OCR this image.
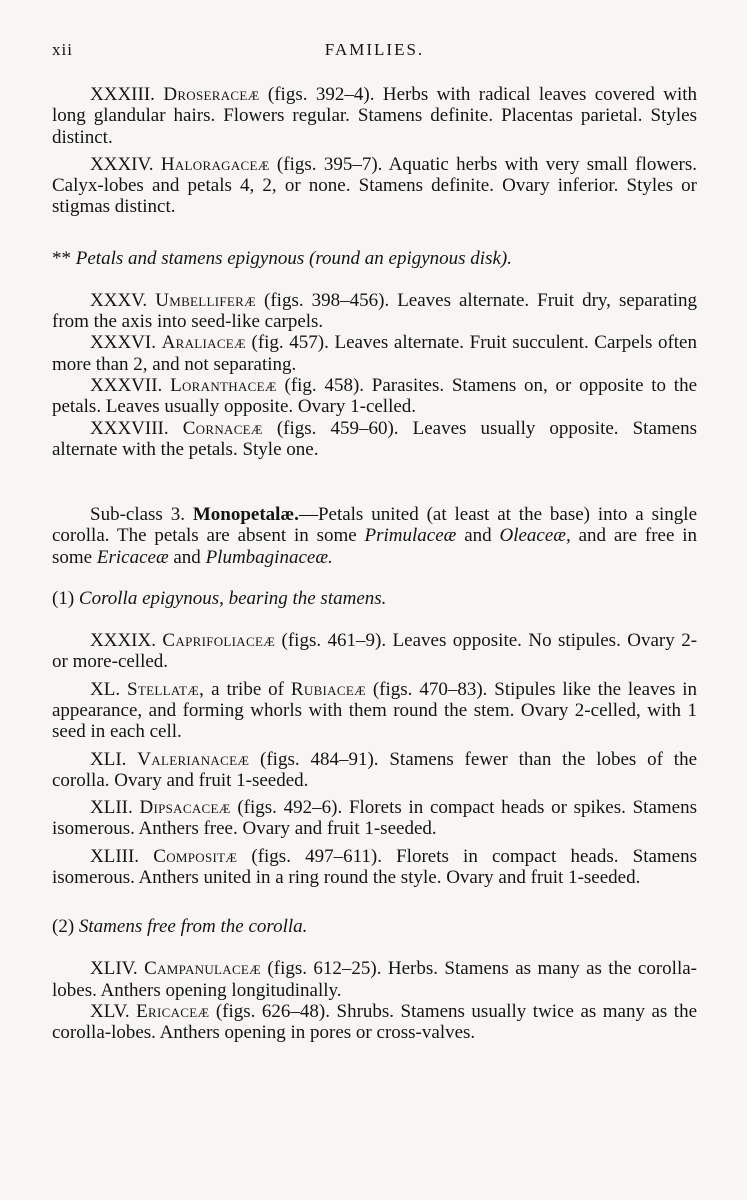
xii	FAMILIES.

XXXIII. Droseraceæ (figs. 392–4). Herbs with radical leaves covered with long glandular hairs. Flowers regular. Stamens definite. Placentas parietal. Styles distinct.

XXXIV. Haloragaceæ (figs. 395–7). Aquatic herbs with very small flowers. Calyx-lobes and petals 4, 2, or none. Stamens definite. Ovary inferior. Styles or stigmas distinct.

** Petals and stamens epigynous (round an epigynous disk).

XXXV. Umbelliferæ (figs. 398–456). Leaves alternate. Fruit dry, separating from the axis into seed-like carpels.

XXXVI. Araliaceæ (fig. 457). Leaves alternate. Fruit succulent. Carpels often more than 2, and not separating.

XXXVII. Loranthaceæ (fig. 458). Parasites. Stamens on, or opposite to the petals. Leaves usually opposite. Ovary 1-celled.

XXXVIII. Cornaceæ (figs. 459–60). Leaves usually opposite. Stamens alternate with the petals. Style one.

Sub-class 3. Monopetalæ.—Petals united (at least at the base) into a single corolla. The petals are absent in some Primulaceæ and Oleaceæ, and are free in some Ericaceæ and Plumbaginaceæ.

(1) Corolla epigynous, bearing the stamens.

XXXIX. Caprifoliaceæ (figs. 461–9). Leaves opposite. No stipules. Ovary 2- or more-celled.

XL. Stellatæ, a tribe of Rubiaceæ (figs. 470–83). Stipules like the leaves in appearance, and forming whorls with them round the stem. Ovary 2-celled, with 1 seed in each cell.

XLI. Valerianaceæ (figs. 484–91). Stamens fewer than the lobes of the corolla. Ovary and fruit 1-seeded.

XLII. Dipsacaceæ (figs. 492–6). Florets in compact heads or spikes. Stamens isomerous. Anthers free. Ovary and fruit 1-seeded.

XLIII. Compositæ (figs. 497–611). Florets in compact heads. Stamens isomerous. Anthers united in a ring round the style. Ovary and fruit 1-seeded.

(2) Stamens free from the corolla.

XLIV. Campanulaceæ (figs. 612–25). Herbs. Stamens as many as the corolla-lobes. Anthers opening longitudinally.

XLV. Ericaceæ (figs. 626–48). Shrubs. Stamens usually twice as many as the corolla-lobes. Anthers opening in pores or cross-valves.
